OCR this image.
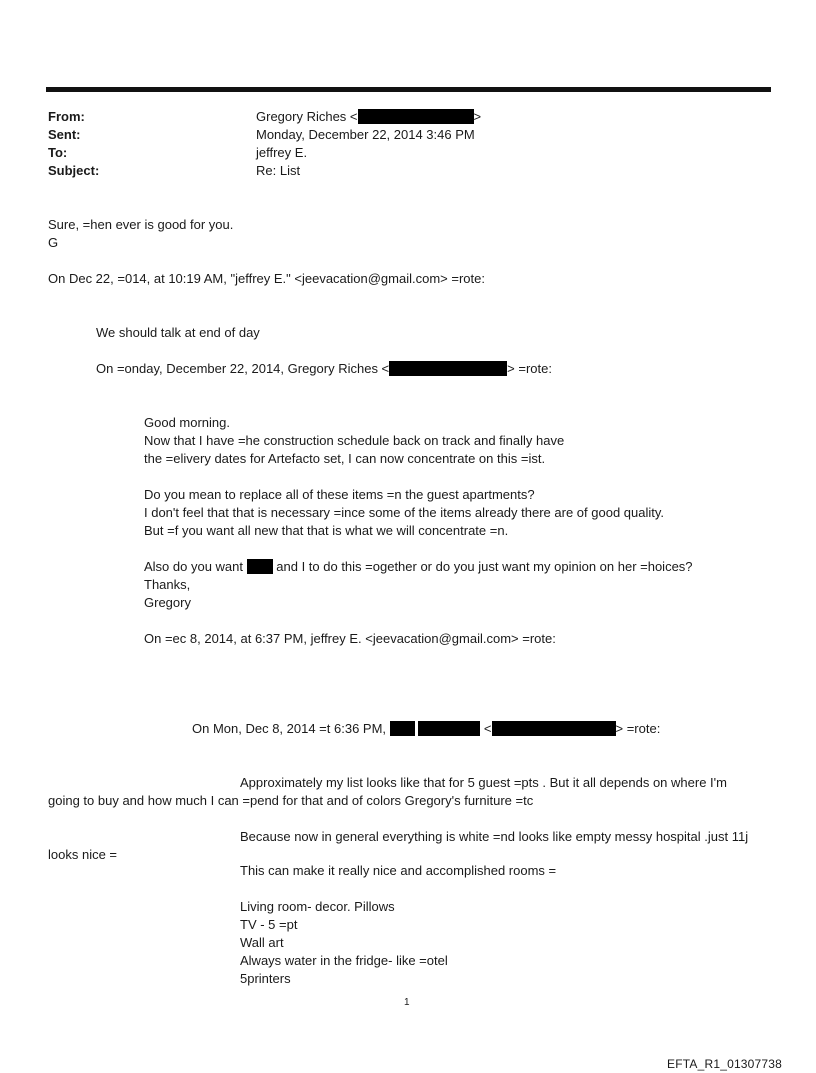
From:	Gregory Riches <	>
Sent:	Monday, December 22, 2014 3:46 PM
To:	jeffrey E.
Subject:	Re: List
Sure, =hen ever is good for you.
G
On Dec 22, =014, at 10:19 AM, "jeffrey E." <jeevacation@gmail.com> =rote:
We should talk at end of day
On =onday, December 22, 2014, Gregory Riches <	> =rote:
Good morning.
Now that I have =he construction schedule back on track and finally have
the =elivery dates for Artefacto set, I can now concentrate on this =ist.
Do you mean to replace all of these items =n the guest apartments?
I don't feel that that is necessary =ince some of the items already there are of good quality.
But =f you want all new that that is what we will concentrate =n.
Also do you want	and I to do this =ogether or do you just want my opinion on her =hoices?
Thanks,
Gregory
On =ec 8, 2014, at 6:37 PM, jeffrey E. <jeevacation@gmail.com> =rote:
On Mon, Dec 8, 2014 =t 6:36 PM,	<	> =rote:
Approximately my list looks like that for 5 guest =pts . But it all depends on where I'm
going to buy and how much I can =pend for that and of colors Gregory's furniture =tc
Because now in general everything is white =nd looks like empty messy hospital .just 11j
looks nice =
This can make it really nice and accomplished rooms =
Living room- decor. Pillows
TV - 5 =pt
Wall art
Always water in the fridge- like =otel
5printers
1
EFTA_R1_01307738
